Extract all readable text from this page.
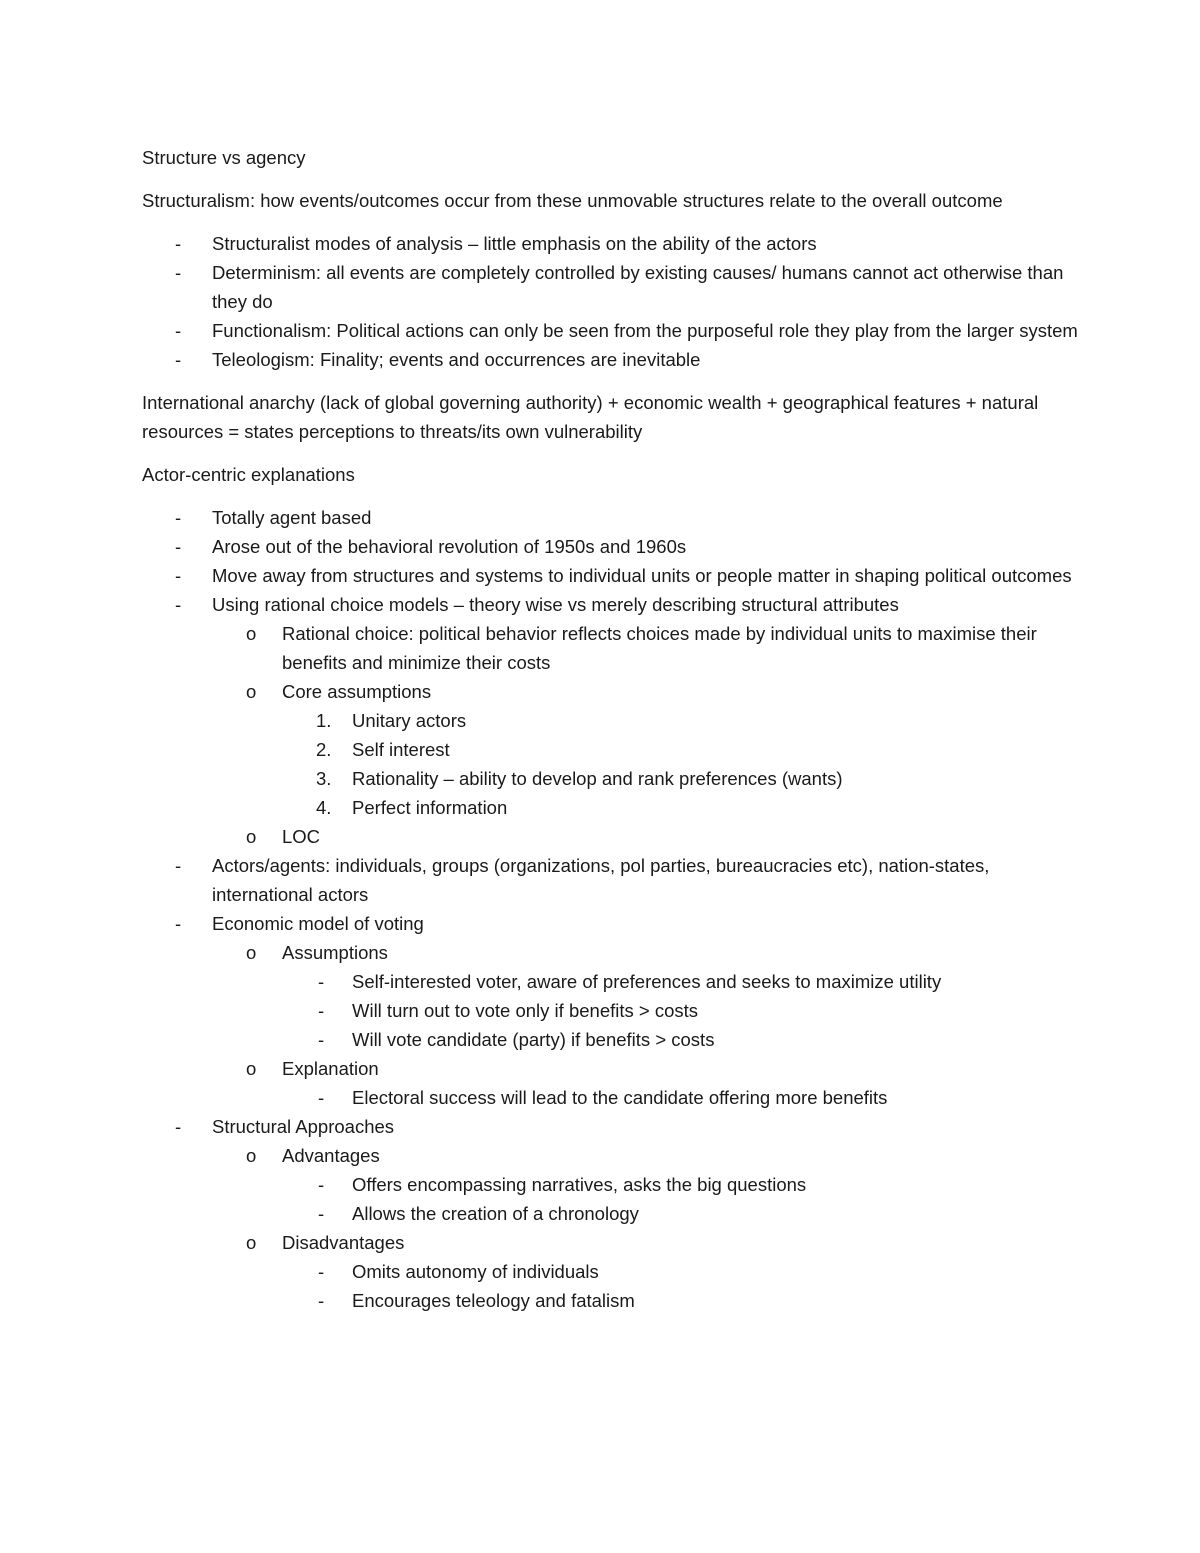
Structure vs agency

Structuralism: how events/outcomes occur from these unmovable structures relate to the overall outcome

- Structuralist modes of analysis – little emphasis on the ability of the actors
- Determinism: all events are completely controlled by existing causes/ humans cannot act otherwise than they do
- Functionalism: Political actions can only be seen from the purposeful role they play from the larger system
- Teleologism: Finality; events and occurrences are inevitable

International anarchy (lack of global governing authority) + economic wealth + geographical features + natural resources = states perceptions to threats/its own vulnerability

Actor-centric explanations

- Totally agent based
- Arose out of the behavioral revolution of 1950s and 1960s
- Move away from structures and systems to individual units or people matter in shaping political outcomes
- Using rational choice models – theory wise vs merely describing structural attributes
o Rational choice: political behavior reflects choices made by individual units to maximise their benefits and minimize their costs
o Core assumptions
1. Unitary actors
2. Self interest
3. Rationality – ability to develop and rank preferences (wants)
4. Perfect information
o LOC
- Actors/agents: individuals, groups (organizations, pol parties, bureaucracies etc), nation-states, international actors
- Economic model of voting
o Assumptions
- Self-interested voter, aware of preferences and seeks to maximize utility
- Will turn out to vote only if benefits > costs
- Will vote candidate (party) if benefits > costs
o Explanation
- Electoral success will lead to the candidate offering more benefits
- Structural Approaches
o Advantages
- Offers encompassing narratives, asks the big questions
- Allows the creation of a chronology
o Disadvantages
- Omits autonomy of individuals
- Encourages teleology and fatalism
